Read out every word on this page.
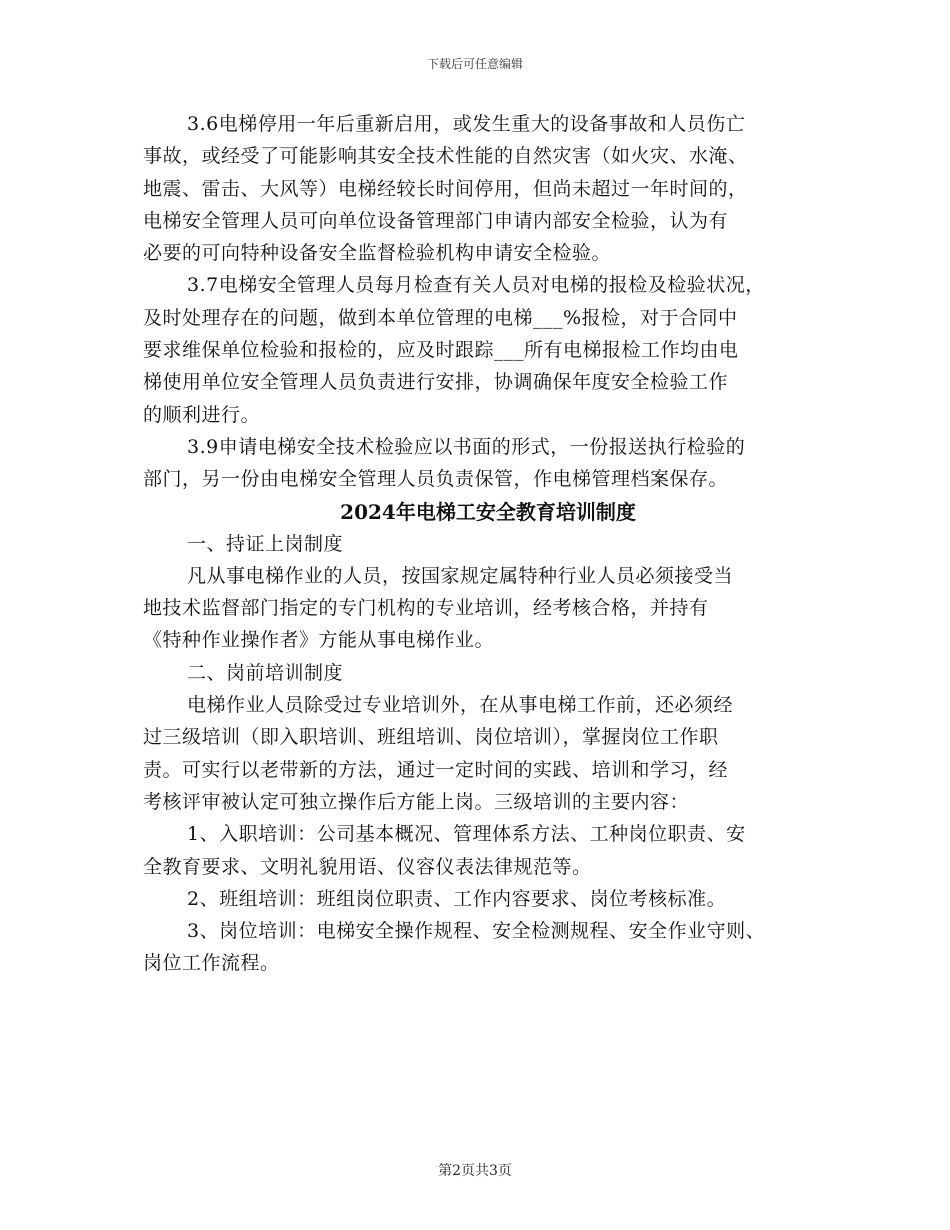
下载后可任意编辑
3.6电梯停用一年后重新启用，或发生重大的设备事故和人员伤亡
事故，或经受了可能影响其安全技术性能的自然灾害（如火灾、水淹、
地震、雷击、大风等）电梯经较长时间停用，但尚未超过一年时间的，
电梯安全管理人员可向单位设备管理部门申请内部安全检验，认为有
必要的可向特种设备安全监督检验机构申请安全检验。
3.7电梯安全管理人员每月检查有关人员对电梯的报检及检验状况，
及时处理存在的问题，做到本单位管理的电梯___%报检，对于合同中
要求维保单位检验和报检的，应及时跟踪___所有电梯报检工作均由电
梯使用单位安全管理人员负责进行安排，协调确保年度安全检验工作
的顺利进行。
3.9申请电梯安全技术检验应以书面的形式，一份报送执行检验的
部门，另一份由电梯安全管理人员负责保管，作电梯管理档案保存。
2024年电梯工安全教育培训制度
一、持证上岗制度
凡从事电梯作业的人员，按国家规定属特种行业人员必须接受当
地技术监督部门指定的专门机构的专业培训，经考核合格，并持有
《特种作业操作者》方能从事电梯作业。
二、岗前培训制度
电梯作业人员除受过专业培训外，在从事电梯工作前，还必须经
过三级培训（即入职培训、班组培训、岗位培训），掌握岗位工作职
责。可实行以老带新的方法，通过一定时间的实践、培训和学习，经
考核评审被认定可独立操作后方能上岗。三级培训的主要内容：
1、入职培训：公司基本概况、管理体系方法、工种岗位职责、安
全教育要求、文明礼貌用语、仪容仪表法律规范等。
2、班组培训：班组岗位职责、工作内容要求、岗位考核标准。
3、岗位培训：电梯安全操作规程、安全检测规程、安全作业守则、
岗位工作流程。
第2页共3页
